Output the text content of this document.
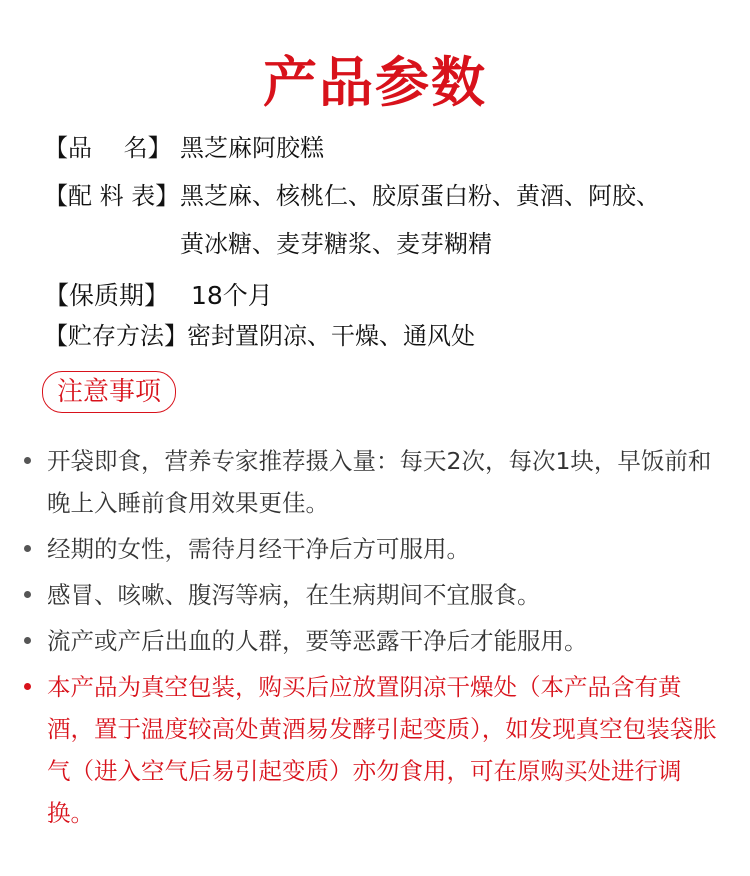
产品参数
【品　 名】 黑芝麻阿胶糕
【配 料 表】黑芝麻、核桃仁、胶原蛋白粉、黄酒、阿胶、
黄冰糖、麦芽糖浆、麦芽糊精
【保质期】 18个月
【贮存方法】密封置阴凉、干燥、通风处
注意事项
开袋即食，营养专家推荐摄入量：每天2次，每次1块，早饭前和晚上入睡前食用效果更佳。
经期的女性，需待月经干净后方可服用。
感冒、咳嗽、腹泻等病，在生病期间不宜服食。
流产或产后出血的人群，要等恶露干净后才能服用。
本产品为真空包装，购买后应放置阴凉干燥处（本产品含有黄酒，置于温度较高处黄酒易发酵引起变质），如发现真空包装袋胀气（进入空气后易引起变质）亦勿食用，可在原购买处进行调换。
